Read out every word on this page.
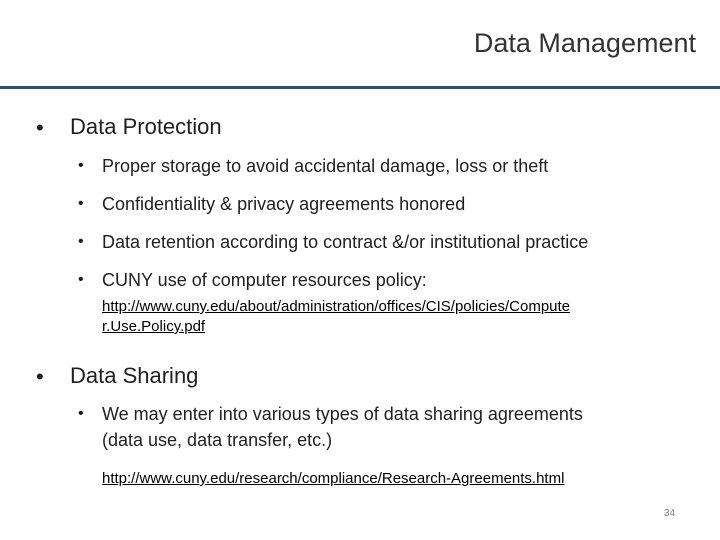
Data Management
• Data Protection
• Proper storage to avoid accidental damage, loss or theft
• Confidentiality & privacy agreements honored
• Data retention according to contract &/or institutional practice
• CUNY use of computer resources policy:
http://www.cuny.edu/about/administration/offices/CIS/policies/Compute
r.Use.Policy.pdf
• Data Sharing
• We may enter into various types of data sharing agreements
(data use, data transfer, etc.)
http://www.cuny.edu/research/compliance/Research-Agreements.html
34
